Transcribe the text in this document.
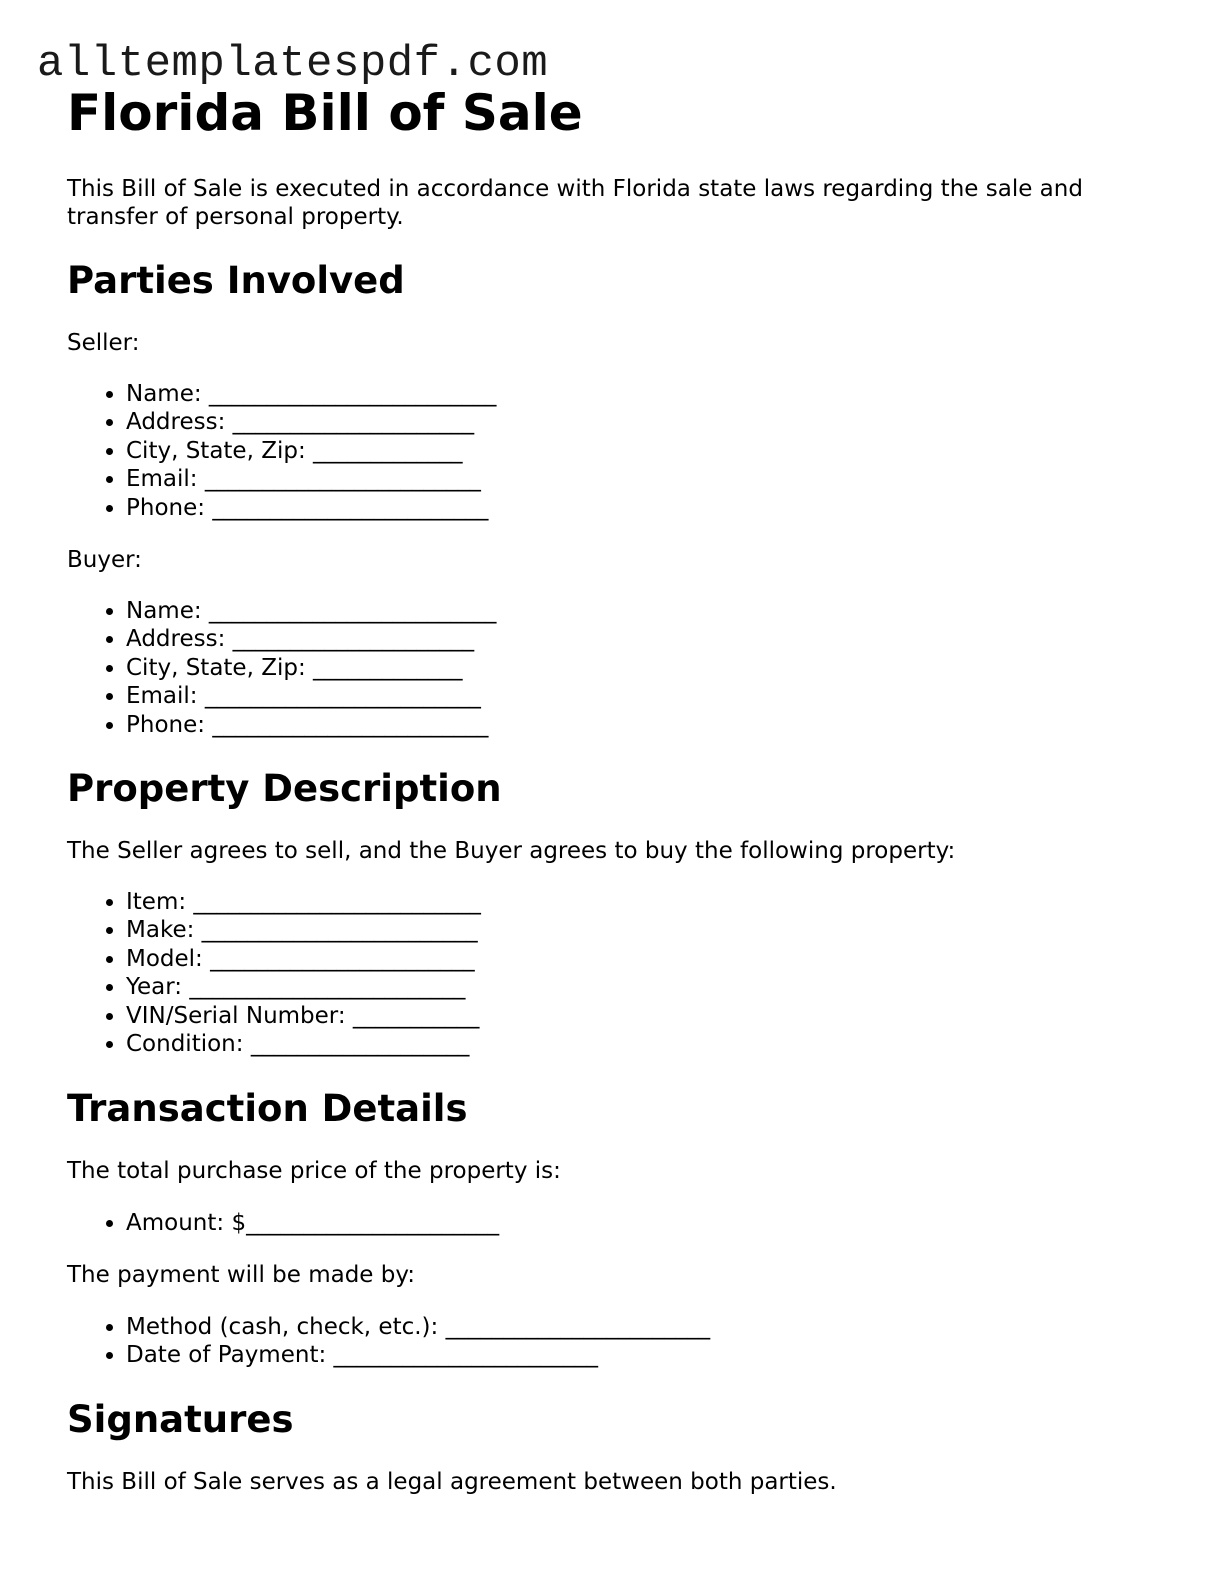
alltemplatespdf.com
Florida Bill of Sale

This Bill of Sale is executed in accordance with Florida state laws regarding the sale and transfer of personal property.

Parties Involved

Seller:

• Name: _________________________
• Address: _____________________
• City, State, Zip: _____________
• Email: ________________________
• Phone: ________________________

Buyer:

• Name: _________________________
• Address: _____________________
• City, State, Zip: _____________
• Email: ________________________
• Phone: ________________________
Property Description

The Seller agrees to sell, and the Buyer agrees to buy the following property:

• Item: _________________________
• Make: ________________________
• Model: _______________________
• Year: ________________________
• VIN/Serial Number: ___________
• Condition: ___________________
Transaction Details

The total purchase price of the property is:

• Amount: $______________________

The payment will be made by:

• Method (cash, check, etc.): _______________________
• Date of Payment: _______________________
Signatures

This Bill of Sale serves as a legal agreement between both parties.
